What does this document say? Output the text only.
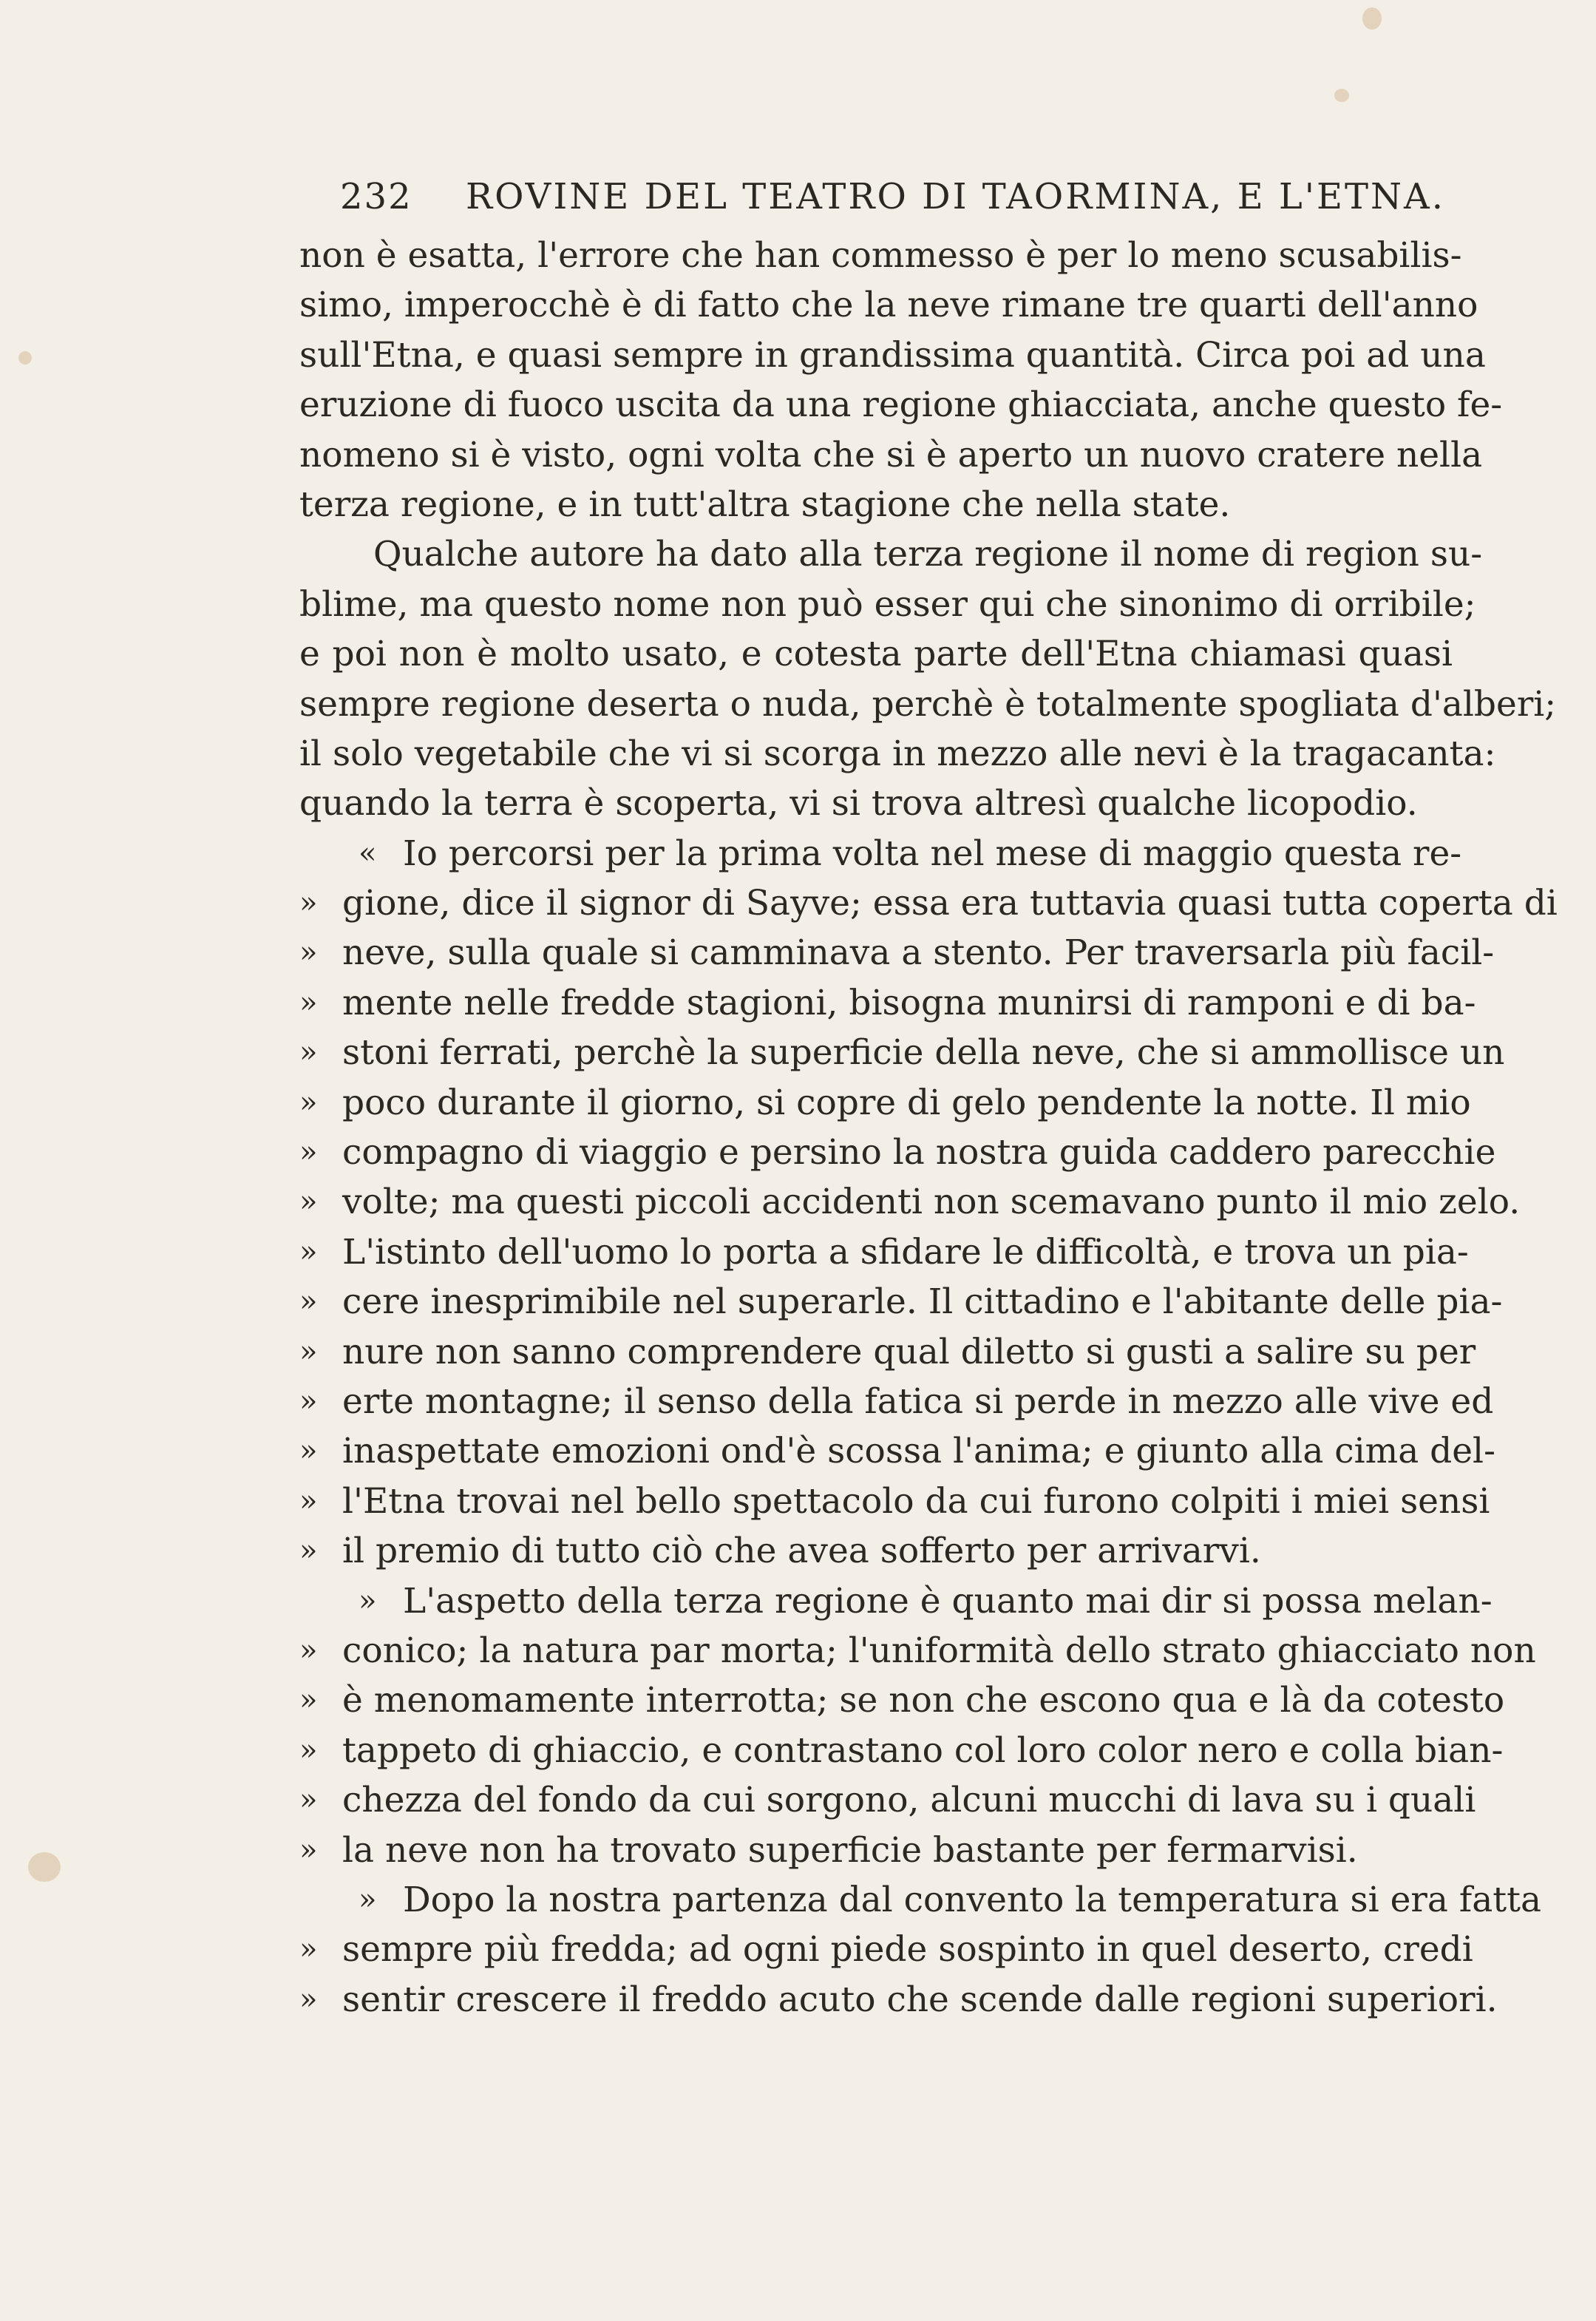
232 ROVINE DEL TEATRO DI TAORMINA, E L'ETNA.
non è esatta, l'errore che han commesso è per lo meno scusabilis-
simo, imperocchè è di fatto che la neve rimane tre quarti dell'anno
sull'Etna, e quasi sempre in grandissima quantità. Circa poi ad una
eruzione di fuoco uscita da una regione ghiacciata, anche questo fe-
nomeno si è visto, ogni volta che si è aperto un nuovo cratere nella
terza regione, e in tutt'altra stagione che nella state.
Qualche autore ha dato alla terza regione il nome di region su-
blime, ma questo nome non può esser qui che sinonimo di orribile;
e poi non è molto usato, e cotesta parte dell'Etna chiamasi quasi
sempre regione deserta o nuda, perchè è totalmente spogliata d'alberi;
il solo vegetabile che vi si scorga in mezzo alle nevi è la tragacanta:
quando la terra è scoperta, vi si trova altresì qualche licopodio.
« Io percorsi per la prima volta nel mese di maggio questa re-
» gione, dice il signor di Sayve; essa era tuttavia quasi tutta coperta di
» neve, sulla quale si camminava a stento. Per traversarla più facil-
» mente nelle fredde stagioni, bisogna munirsi di ramponi e di ba-
» stoni ferrati, perchè la superficie della neve, che si ammollisce un
» poco durante il giorno, si copre di gelo pendente la notte. Il mio
» compagno di viaggio e persino la nostra guida caddero parecchie
» volte; ma questi piccoli accidenti non scemavano punto il mio zelo.
» L'istinto dell'uomo lo porta a sfidare le difficoltà, e trova un pia-
» cere inesprimibile nel superarle. Il cittadino e l'abitante delle pia-
» nure non sanno comprendere qual diletto si gusti a salire su per
» erte montagne; il senso della fatica si perde in mezzo alle vive ed
» inaspettate emozioni ond'è scossa l'anima; e giunto alla cima del-
» l'Etna trovai nel bello spettacolo da cui furono colpiti i miei sensi
» il premio di tutto ciò che avea sofferto per arrivarvi.
» L'aspetto della terza regione è quanto mai dir si possa melan-
» conico; la natura par morta; l'uniformità dello strato ghiacciato non
» è menomamente interrotta; se non che escono qua e là da cotesto
» tappeto di ghiaccio, e contrastano col loro color nero e colla bian-
» chezza del fondo da cui sorgono, alcuni mucchi di lava su i quali
» la neve non ha trovato superficie bastante per fermarvisi.
» Dopo la nostra partenza dal convento la temperatura si era fatta
» sempre più fredda; ad ogni piede sospinto in quel deserto, credi
» sentir crescere il freddo acuto che scende dalle regioni superiori.
